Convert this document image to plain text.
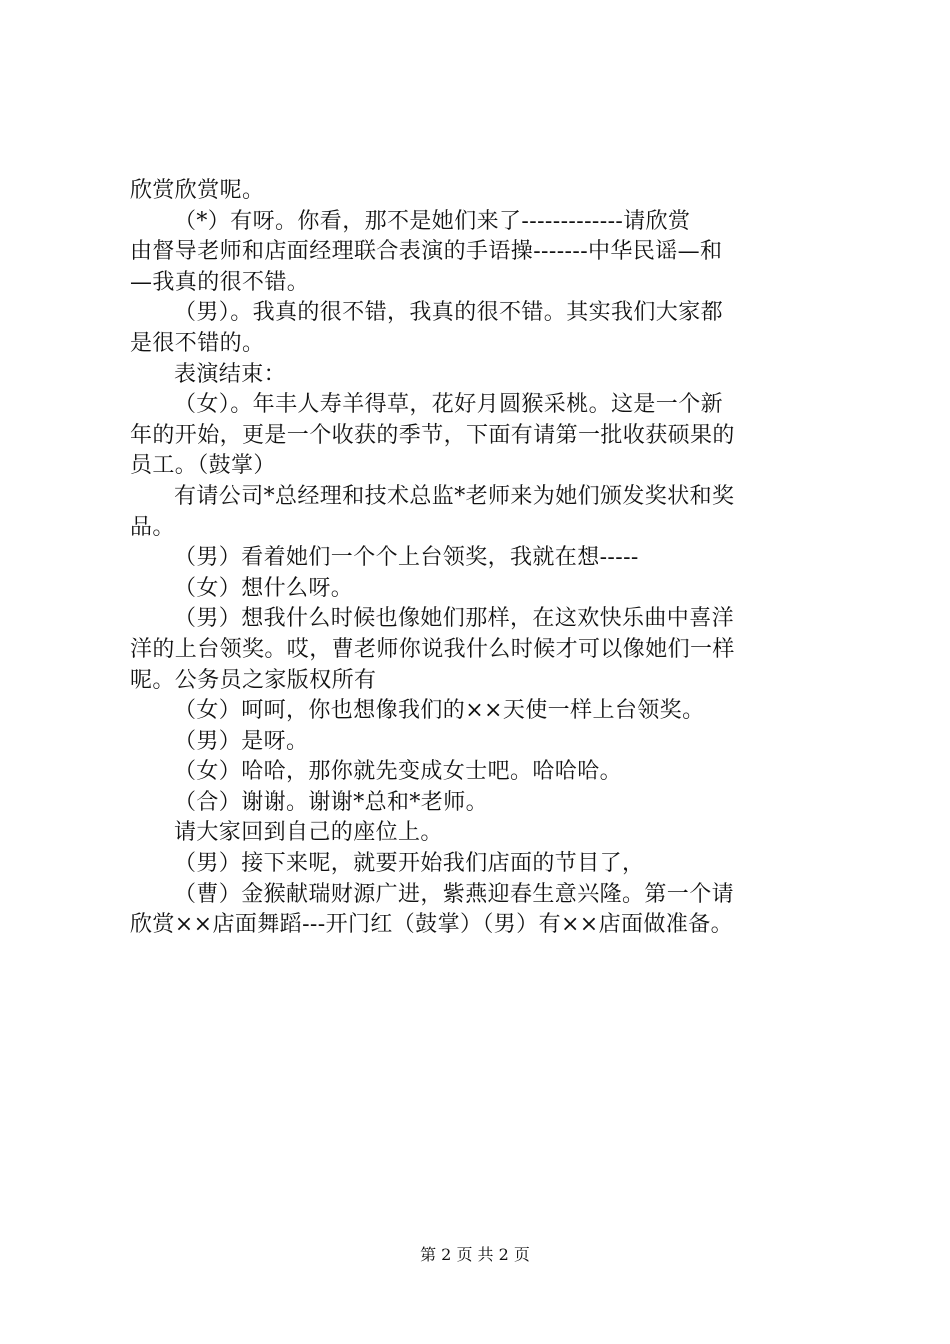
欣赏欣赏呢。
（*）有呀。你看，那不是她们来了-------------请欣赏
由督导老师和店面经理联合表演的手语操-------中华民谣—和
—我真的很不错。
（男）。我真的很不错，我真的很不错。其实我们大家都
是很不错的。
表演结束：
（女）。年丰人寿羊得草，花好月圆猴采桃。这是一个新
年的开始，更是一个收获的季节，下面有请第一批收获硕果的
员工。（鼓掌）
有请公司*总经理和技术总监*老师来为她们颁发奖状和奖
品。
（男）看着她们一个个上台领奖，我就在想-----
（女）想什么呀。
（男）想我什么时候也像她们那样，在这欢快乐曲中喜洋
洋的上台领奖。哎，曹老师你说我什么时候才可以像她们一样
呢。公务员之家版权所有
（女）呵呵，你也想像我们的××天使一样上台领奖。
（男）是呀。
（女）哈哈，那你就先变成女士吧。哈哈哈。
（合）谢谢。谢谢*总和*老师。
请大家回到自己的座位上。
（男）接下来呢，就要开始我们店面的节目了，
（曹）金猴献瑞财源广进，紫燕迎春生意兴隆。第一个请
欣赏××店面舞蹈---开门红（鼓掌）（男）有××店面做准备。
第 2 页 共 2 页
